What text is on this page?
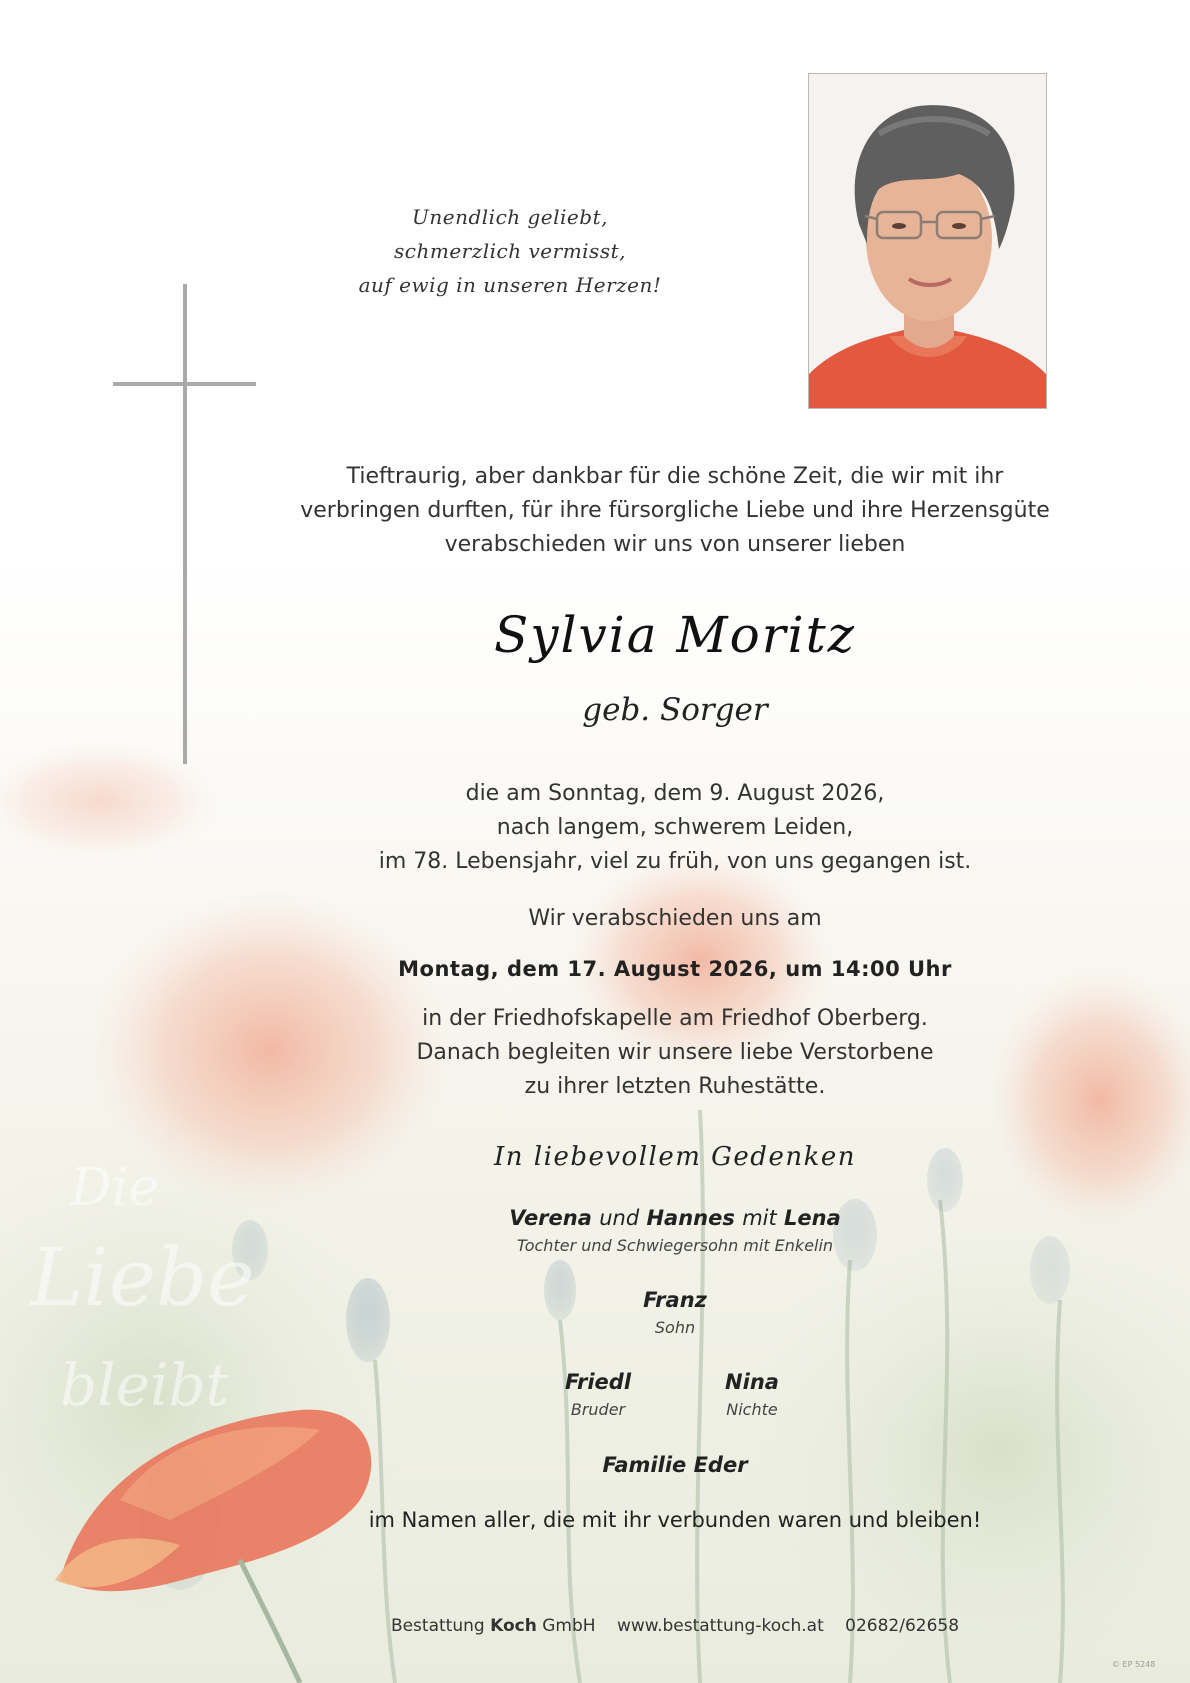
Die
Liebe
bleibt
Unendlich geliebt,
schmerzlich vermisst,
auf ewig in unseren Herzen!
Tieftraurig, aber dankbar für die schöne Zeit, die wir mit ihr
verbringen durften, für ihre fürsorgliche Liebe und ihre Herzensgüte
verabschieden wir uns von unserer lieben
Sylvia Moritz
geb. Sorger
die am Sonntag, dem 9. August 2026,
nach langem, schwerem Leiden,
im 78. Lebensjahr, viel zu früh, von uns gegangen ist.
Wir verabschieden uns am
Montag, dem 17. August 2026, um 14:00 Uhr
in der Friedhofskapelle am Friedhof Oberberg.
Danach begleiten wir unsere liebe Verstorbene
zu ihrer letzten Ruhestätte.
In liebevollem Gedenken
Verena und Hannes mit Lena
Tochter und Schwiegersohn mit Enkelin
Franz
Sohn
Friedl
Bruder
Nina
Nichte
Familie Eder
im Namen aller, die mit ihr verbunden waren und bleiben!
Bestattung Koch GmbH www.bestattung-koch.at 02682/62658
© EP 5248
